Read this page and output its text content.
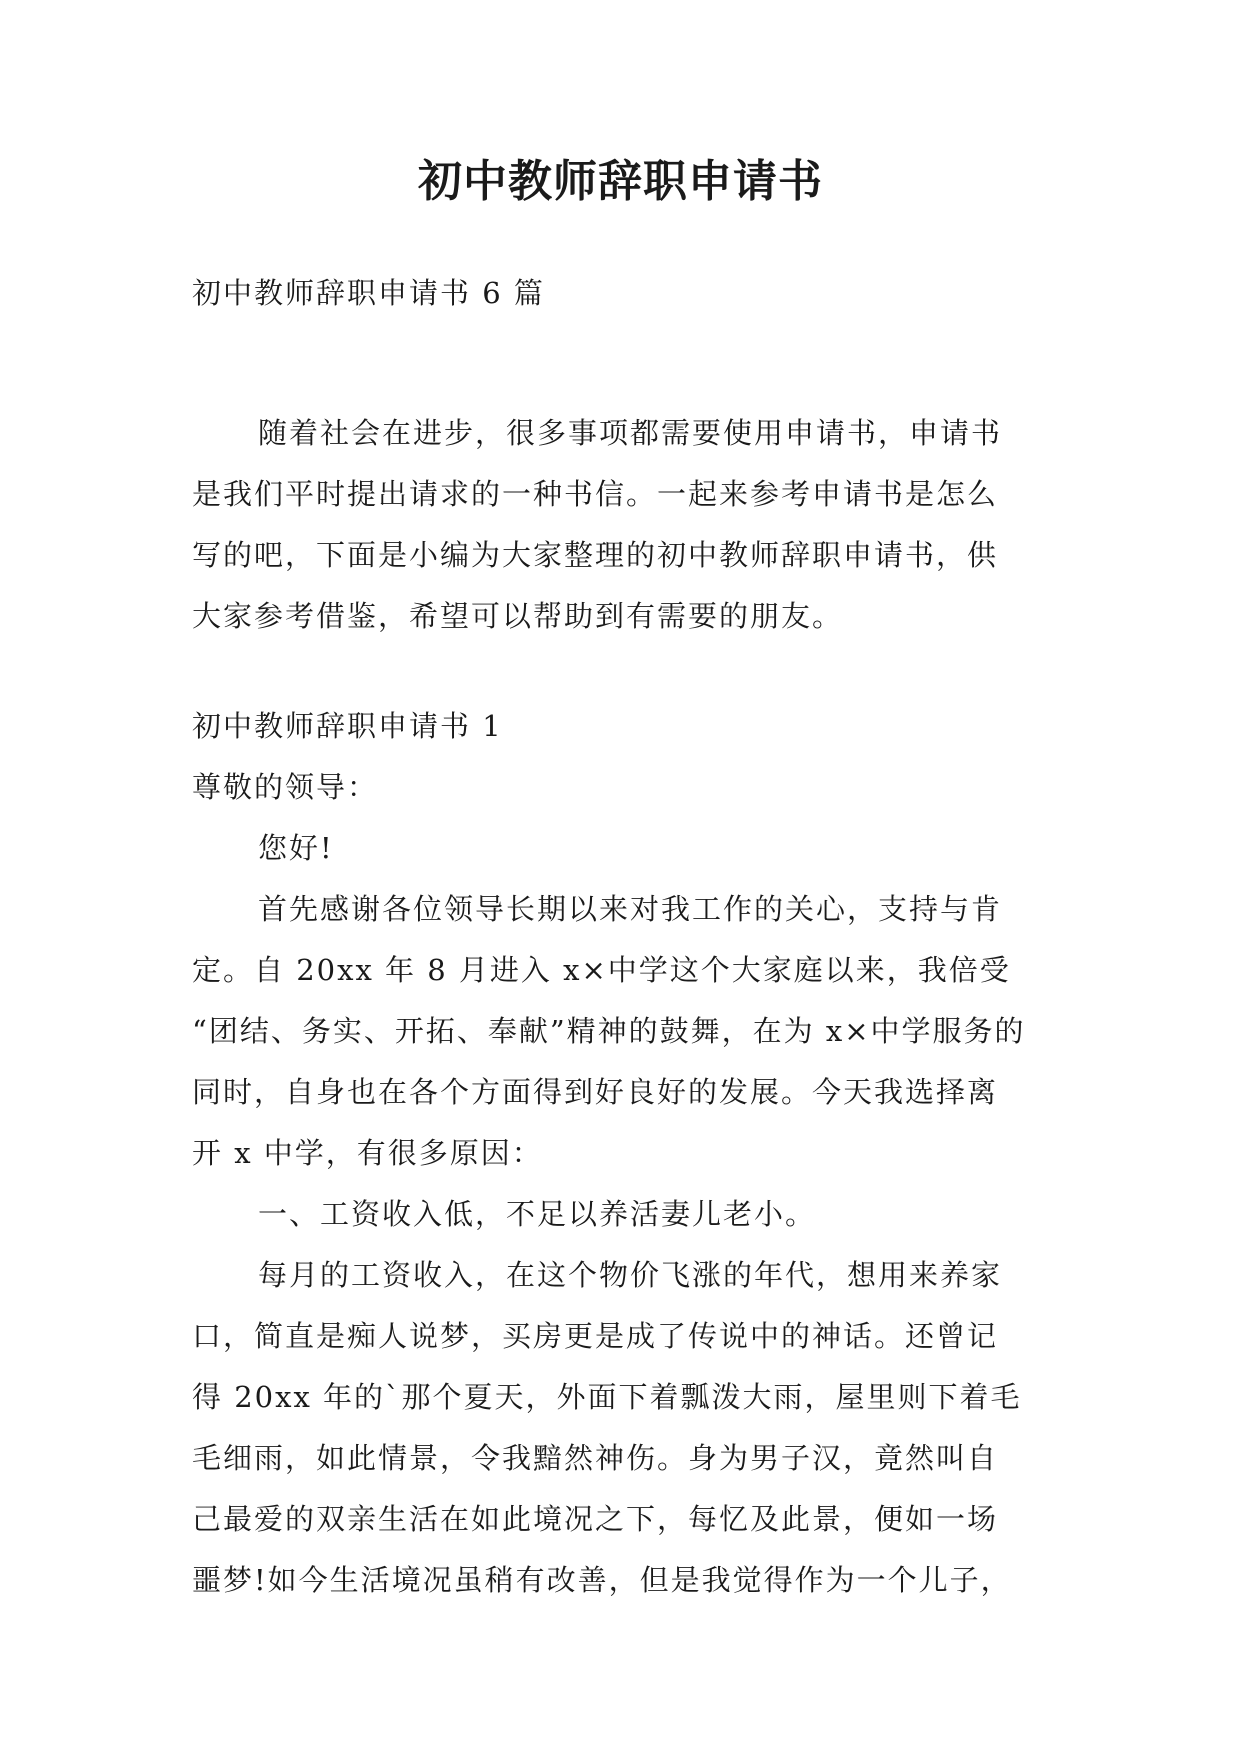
初中教师辞职申请书
初中教师辞职申请书 6 篇
随着社会在进步，很多事项都需要使用申请书，申请书
是我们平时提出请求的一种书信。一起来参考申请书是怎么
写的吧，下面是小编为大家整理的初中教师辞职申请书，供
大家参考借鉴，希望可以帮助到有需要的朋友。
初中教师辞职申请书 1
尊敬的领导：
您好!
首先感谢各位领导长期以来对我工作的关心，支持与肯
定。自 20xx 年 8 月进入 x×中学这个大家庭以来，我倍受
“团结、务实、开拓、奉献”精神的鼓舞，在为 x×中学服务的
同时，自身也在各个方面得到好良好的发展。今天我选择离
开 x 中学，有很多原因：
一、工资收入低，不足以养活妻儿老小。
每月的工资收入，在这个物价飞涨的年代，想用来养家
口，简直是痴人说梦，买房更是成了传说中的神话。还曾记
得 20xx 年的`那个夏天，外面下着瓢泼大雨，屋里则下着毛
毛细雨，如此情景，令我黯然神伤。身为男子汉，竟然叫自
己最爱的双亲生活在如此境况之下，每忆及此景，便如一场
噩梦!如今生活境况虽稍有改善，但是我觉得作为一个儿子，
